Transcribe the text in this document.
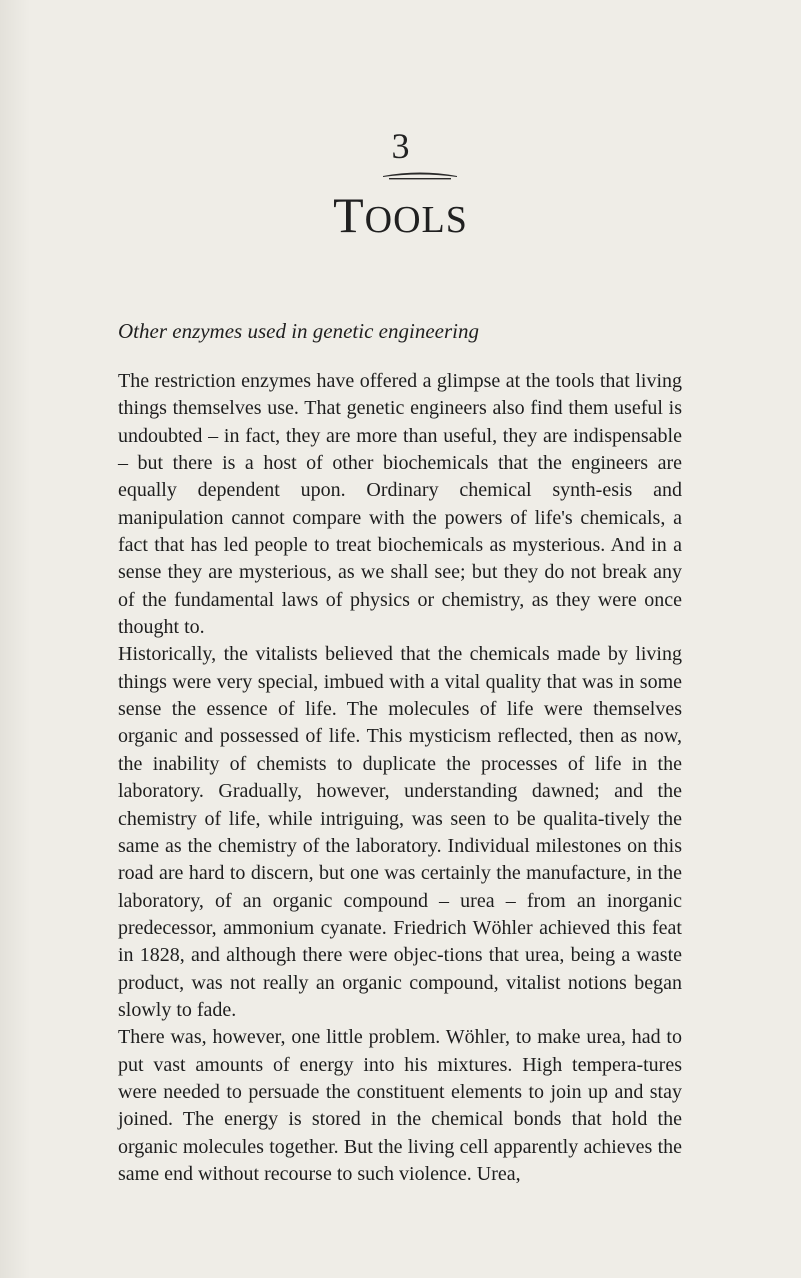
3
TOOLS
Other enzymes used in genetic engineering

The restriction enzymes have offered a glimpse at the tools that living things themselves use. That genetic engineers also find them useful is undoubted – in fact, they are more than useful, they are indispensable – but there is a host of other biochemicals that the engineers are equally dependent upon. Ordinary chemical synth-esis and manipulation cannot compare with the powers of life's chemicals, a fact that has led people to treat biochemicals as mysterious. And in a sense they are mysterious, as we shall see; but they do not break any of the fundamental laws of physics or chemistry, as they were once thought to.

Historically, the vitalists believed that the chemicals made by living things were very special, imbued with a vital quality that was in some sense the essence of life. The molecules of life were themselves organic and possessed of life. This mysticism reflected, then as now, the inability of chemists to duplicate the processes of life in the laboratory. Gradually, however, understanding dawned; and the chemistry of life, while intriguing, was seen to be qualita-tively the same as the chemistry of the laboratory. Individual milestones on this road are hard to discern, but one was certainly the manufacture, in the laboratory, of an organic compound – urea – from an inorganic predecessor, ammonium cyanate. Friedrich Wöhler achieved this feat in 1828, and although there were objec-tions that urea, being a waste product, was not really an organic compound, vitalist notions began slowly to fade.

There was, however, one little problem. Wöhler, to make urea, had to put vast amounts of energy into his mixtures. High tempera-tures were needed to persuade the constituent elements to join up and stay joined. The energy is stored in the chemical bonds that hold the organic molecules together. But the living cell apparently achieves the same end without recourse to such violence. Urea,
